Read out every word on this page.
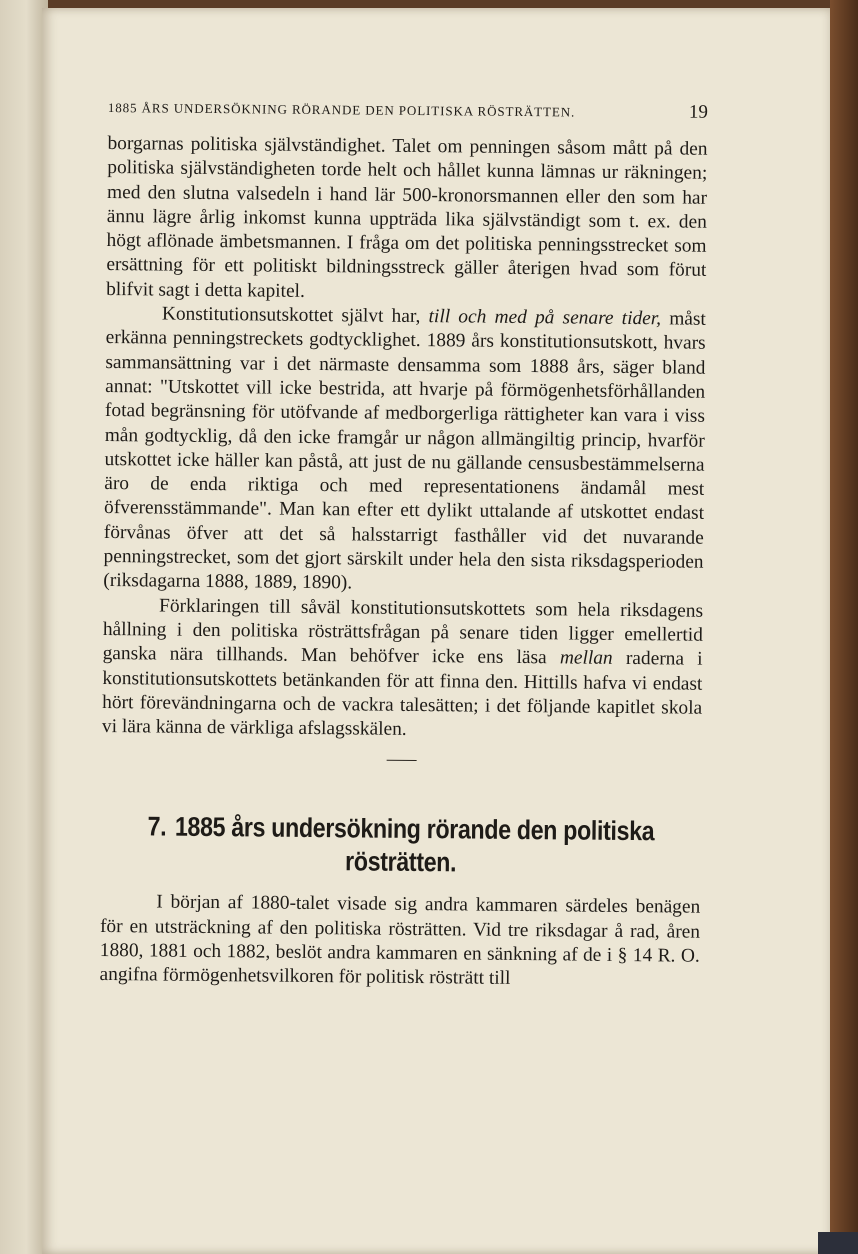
1885 ÅRS UNDERSÖKNING RÖRANDE DEN POLITISKA RÖSTRÄTTEN.	19

borgarnas politiska självständighet. Talet om penningen såsom mått på den politiska självständigheten torde helt och hållet kunna lämnas ur räkningen; med den slutna valsedeln i hand lär 500-kronorsmannen eller den som har ännu lägre årlig inkomst kunna uppträda lika självständigt som t. ex. den högt aflönade ämbetsmannen. I fråga om det politiska penningsstrecket som ersättning för ett politiskt bildningsstreck gäller återigen hvad som förut blifvit sagt i detta kapitel.

Konstitutionsutskottet självt har, till och med på senare tider, måst erkänna penningstreckets godtycklighet. 1889 års konstitutionsutskott, hvars sammansättning var i det närmaste densamma som 1888 års, säger bland annat: "Utskottet vill icke bestrida, att hvarje på förmögenhetsförhållanden fotad begränsning för utöfvande af medborgerliga rättigheter kan vara i viss mån godtycklig, då den icke framgår ur någon allmängiltig princip, hvarför utskottet icke häller kan påstå, att just de nu gällande censusbestämmelserna äro de enda riktiga och med representationens ändamål mest öfverensstämmande". Man kan efter ett dylikt uttalande af utskottet endast förvånas öfver att det så halsstarrigt fasthåller vid det nuvarande penningstrecket, som det gjort särskilt under hela den sista riksdagsperioden (riksdagarna 1888, 1889, 1890).

Förklaringen till såväl konstitutionsutskottets som hela riksdagens hållning i den politiska rösträttsfrågan på senare tiden ligger emellertid ganska nära tillhands. Man behöfver icke ens läsa mellan raderna i konstitutionsutskottets betänkanden för att finna den. Hittills hafva vi endast hört förevändningarna och de vackra talesätten; i det följande kapitlet skola vi lära känna de värkliga afslagsskälen.

7. 1885 års undersökning rörande den politiska rösträtten.

I början af 1880-talet visade sig andra kammaren särdeles benägen för en utsträckning af den politiska rösträtten. Vid tre riksdagar å rad, åren 1880, 1881 och 1882, beslöt andra kammaren en sänkning af de i § 14 R. O. angifna förmögenhetsvilkoren för politisk rösträtt till
